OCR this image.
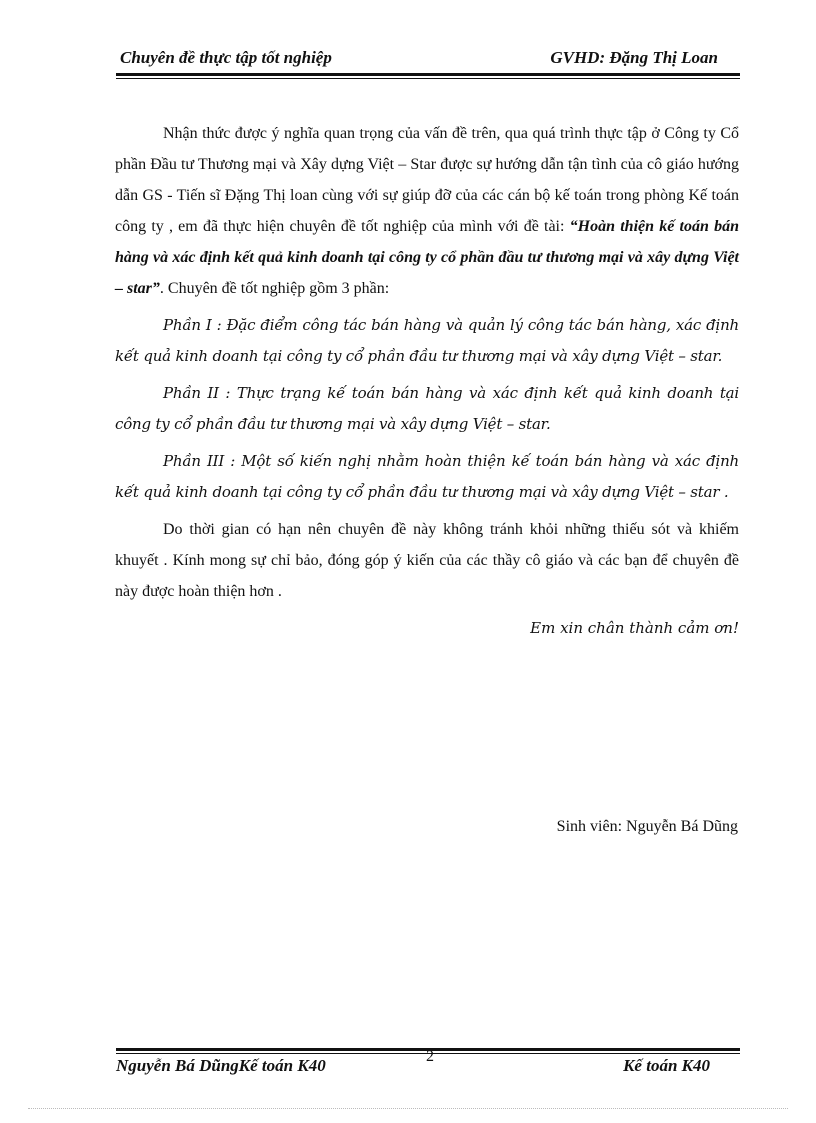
Chuyên đề thực tập tốt nghiệp	GVHD: Đặng Thị Loan

Nhận thức được ý nghĩa quan trọng của vấn đề trên, qua quá trình thực tập ở Công ty Cổ phần Đầu tư Thương mại và Xây dựng Việt – Star được sự hướng dẫn tận tình của cô giáo hướng dẫn GS - Tiến sĩ Đặng Thị loan cùng với sự giúp đỡ của các cán bộ kế toán trong phòng Kế toán công ty , em đã thực hiện chuyên đề tốt nghiệp của mình với đề tài: “Hoàn thiện kế toán bán hàng và xác định kết quả kinh doanh tại công ty cổ phần đầu tư thương mại và xây dựng Việt – star”. Chuyên đề tốt nghiệp gồm 3 phần:

Phần I : Đặc điểm công tác bán hàng và quản lý công tác bán hàng, xác định kết quả kinh doanh tại công ty cổ phần đầu tư thương mại và xây dựng Việt – star.

Phần II : Thực trạng kế toán bán hàng và xác định kết quả kinh doanh tại công ty cổ phần đầu tư thương mại và xây dựng Việt – star.

Phần III : Một số kiến nghị nhằm hoàn thiện kế toán bán hàng và xác định kết quả kinh doanh tại công ty cổ phần đầu tư thương mại và xây dựng Việt – star .

Do thời gian có hạn nên chuyên đề này không tránh khỏi những thiếu sót và khiếm khuyết . Kính mong sự chỉ bảo, đóng góp ý kiến của các thầy cô giáo và các bạn để chuyên đề này được hoàn thiện hơn .

Em xin chân thành cảm ơn!

Sinh viên: Nguyễn Bá Dũng
Nguyễn Bá DũngKế toán K40	2	Kế toán K40
